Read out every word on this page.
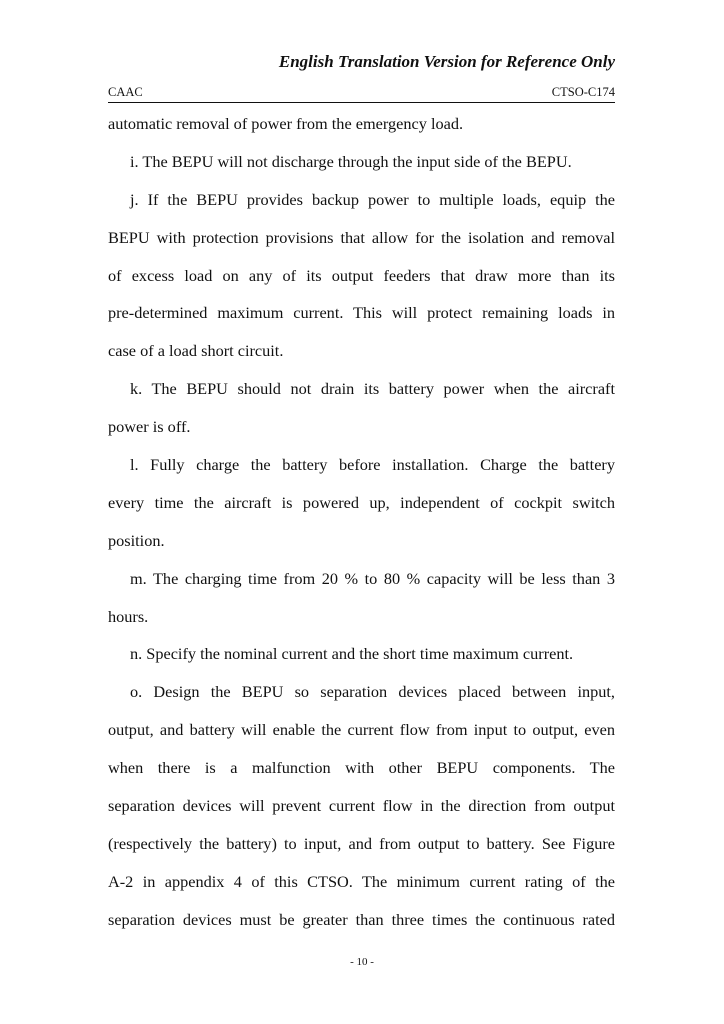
English Translation Version for Reference Only
CAAC	CTSO-C174
automatic removal of power from the emergency load.
i. The BEPU will not discharge through the input side of the BEPU.
j. If the BEPU provides backup power to multiple loads, equip the
BEPU with protection provisions that allow for the isolation and removal
of excess load on any of its output feeders that draw more than its
pre-determined maximum current. This will protect remaining loads in
case of a load short circuit.
k. The BEPU should not drain its battery power when the aircraft
power is off.
l. Fully charge the battery before installation. Charge the battery
every time the aircraft is powered up, independent of cockpit switch
position.
m. The charging time from 20 % to 80 % capacity will be less than 3
hours.
n. Specify the nominal current and the short time maximum current.
o. Design the BEPU so separation devices placed between input,
output, and battery will enable the current flow from input to output, even
when there is a malfunction with other BEPU components. The
separation devices will prevent current flow in the direction from output
(respectively the battery) to input, and from output to battery. See Figure
A-2 in appendix 4 of this CTSO. The minimum current rating of the
separation devices must be greater than three times the continuous rated
- 10 -
